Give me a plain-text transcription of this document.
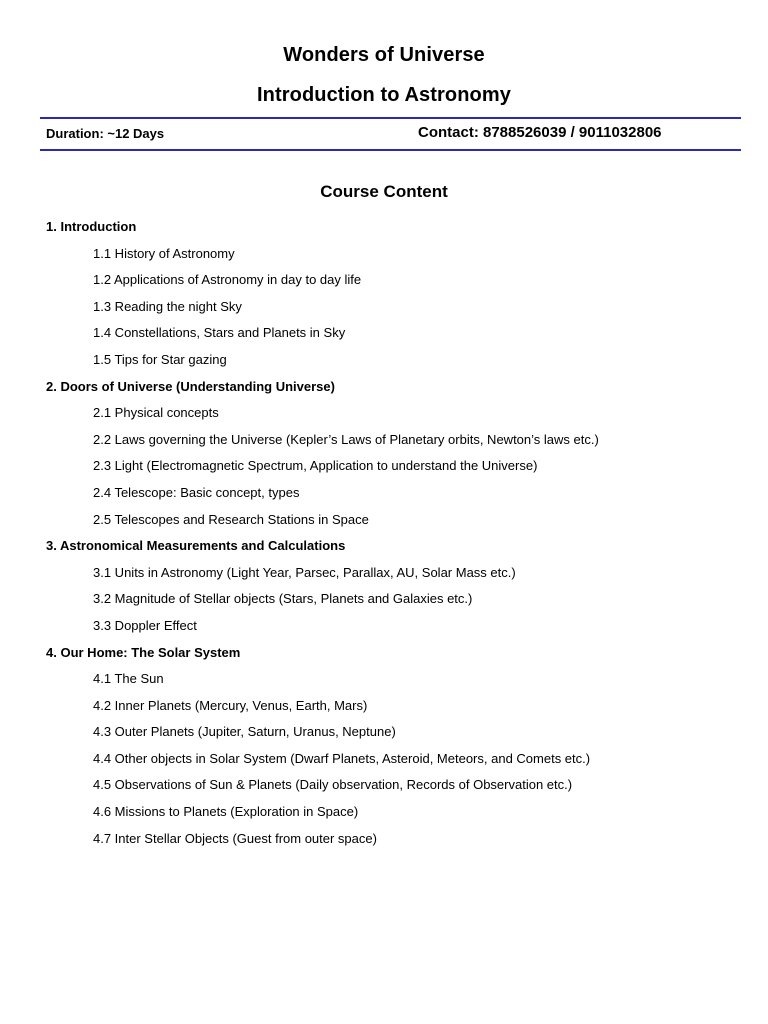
Wonders of Universe
Introduction to Astronomy
Duration: ~12 Days	Contact: 8788526039 / 9011032806
Course Content
1. Introduction
1.1 History of Astronomy
1.2 Applications of Astronomy in day to day life
1.3 Reading the night Sky
1.4 Constellations, Stars and Planets in Sky
1.5 Tips for Star gazing
2. Doors of Universe (Understanding Universe)
2.1 Physical concepts
2.2 Laws governing the Universe (Kepler’s Laws of Planetary orbits, Newton’s laws etc.)
2.3 Light (Electromagnetic Spectrum, Application to understand the Universe)
2.4 Telescope: Basic concept, types
2.5 Telescopes and Research Stations in Space
3. Astronomical Measurements and Calculations
3.1 Units in Astronomy (Light Year, Parsec, Parallax, AU, Solar Mass etc.)
3.2 Magnitude of Stellar objects (Stars, Planets and Galaxies etc.)
3.3 Doppler Effect
4. Our Home: The Solar System
4.1 The Sun
4.2 Inner Planets (Mercury, Venus, Earth, Mars)
4.3 Outer Planets (Jupiter, Saturn, Uranus, Neptune)
4.4 Other objects in Solar System (Dwarf Planets, Asteroid, Meteors, and Comets etc.)
4.5 Observations of Sun & Planets (Daily observation, Records of Observation etc.)
4.6 Missions to Planets (Exploration in Space)
4.7 Inter Stellar Objects (Guest from outer space)
